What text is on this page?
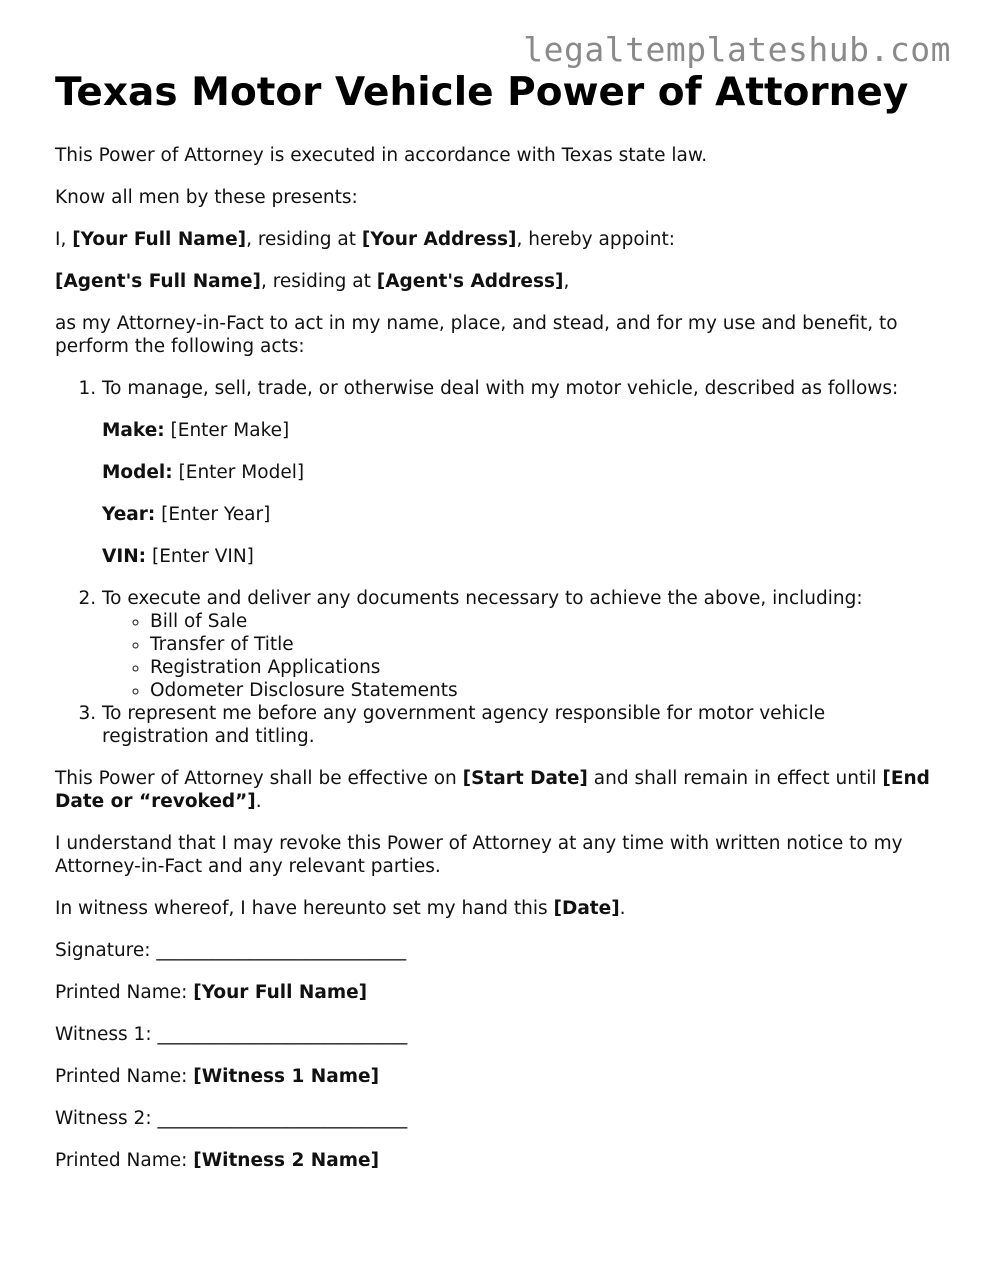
legaltemplateshub.com
Texas Motor Vehicle Power of Attorney

This Power of Attorney is executed in accordance with Texas state law.

Know all men by these presents:

I, [Your Full Name], residing at [Your Address], hereby appoint:

[Agent's Full Name], residing at [Agent's Address],

as my Attorney-in-Fact to act in my name, place, and stead, and for my use and benefit, to perform the following acts:

1. To manage, sell, trade, or otherwise deal with my motor vehicle, described as follows:

Make: [Enter Make]

Model: [Enter Model]

Year: [Enter Year]

VIN: [Enter VIN]

2. To execute and deliver any documents necessary to achieve the above, including:
◦ Bill of Sale
◦ Transfer of Title
◦ Registration Applications
◦ Odometer Disclosure Statements
3. To represent me before any government agency responsible for motor vehicle registration and titling.

This Power of Attorney shall be effective on [Start Date] and shall remain in effect until [End Date or “revoked”].

I understand that I may revoke this Power of Attorney at any time with written notice to my Attorney-in-Fact and any relevant parties.

In witness whereof, I have hereunto set my hand this [Date].

Signature: ___________________________

Printed Name: [Your Full Name]

Witness 1: ___________________________

Printed Name: [Witness 1 Name]

Witness 2: ___________________________

Printed Name: [Witness 2 Name]
